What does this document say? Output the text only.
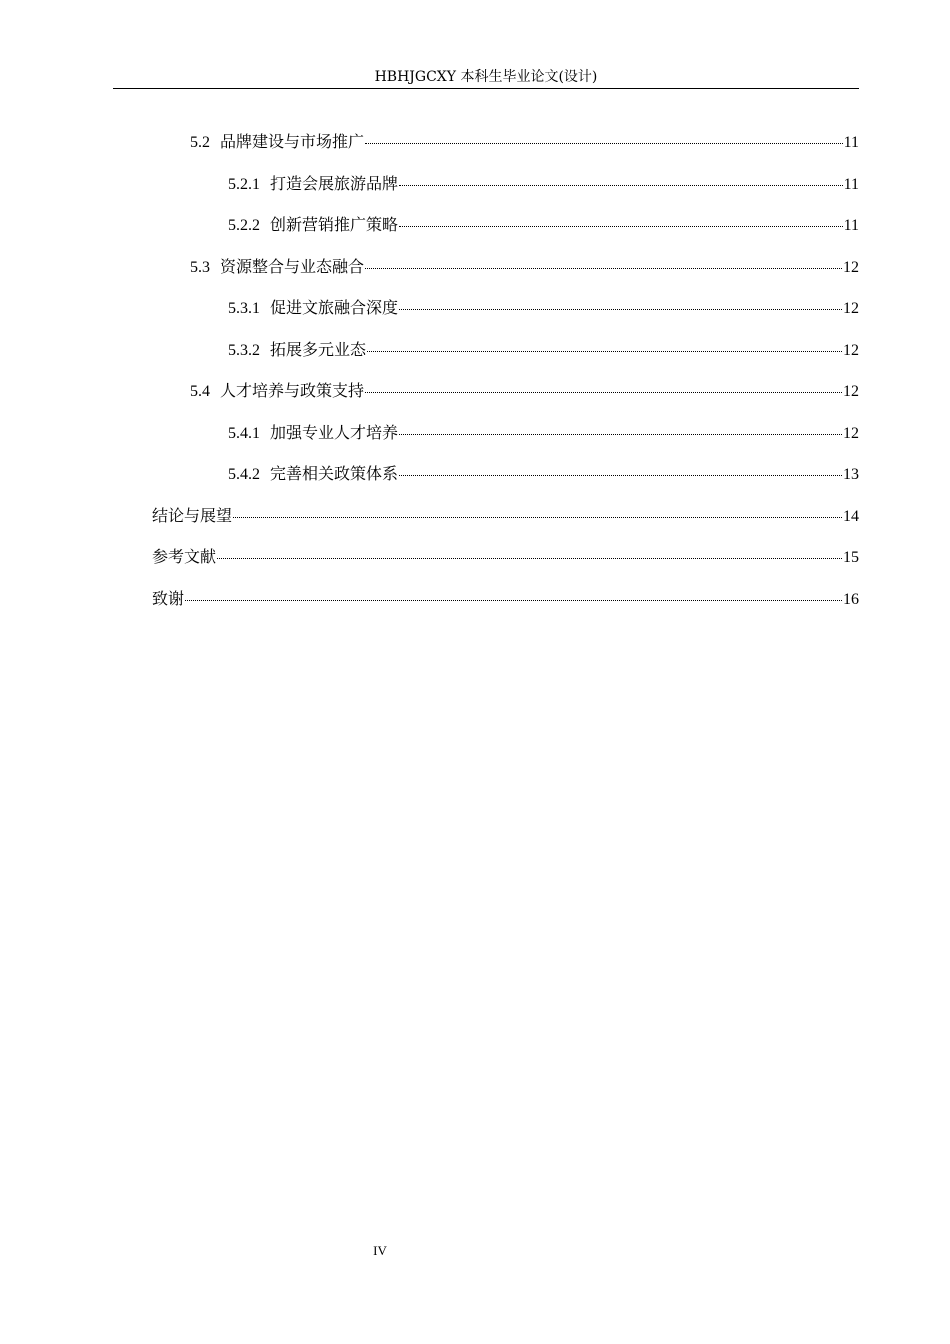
HBHJGCXY 本科生毕业论文(设计)
5.2 品牌建设与市场推广	11
5.2.1 打造会展旅游品牌	11
5.2.2 创新营销推广策略	11
5.3 资源整合与业态融合	12
5.3.1 促进文旅融合深度	12
5.3.2 拓展多元业态	12
5.4 人才培养与政策支持	12
5.4.1 加强专业人才培养	12
5.4.2 完善相关政策体系	13
结论与展望	14
参考文献	15
致谢	16
IV
